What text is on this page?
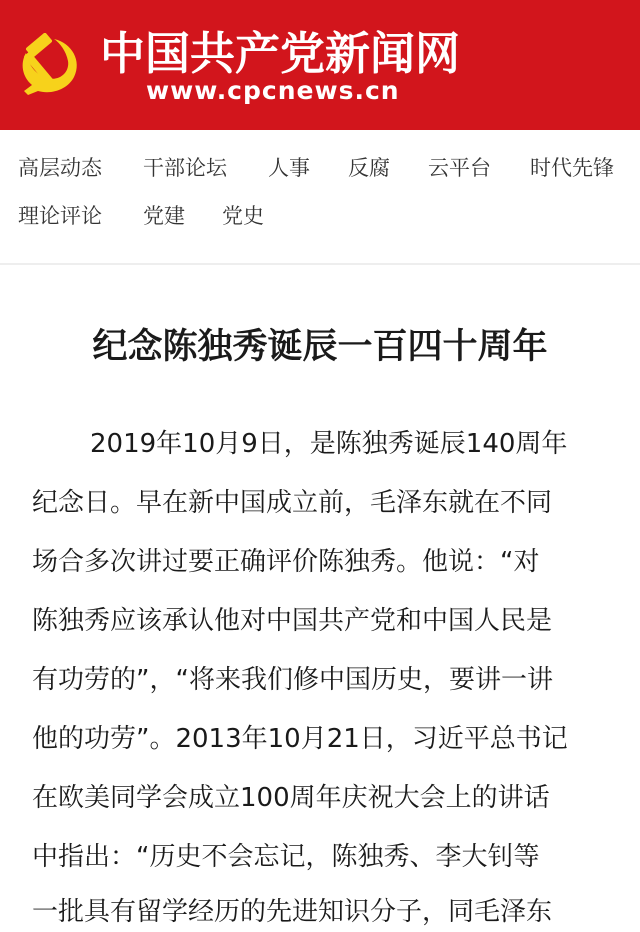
中国共产党新闻网
www.cpcnews.cn
高层动态 干部论坛 人事 反腐 云平台 时代先锋
理论评论 党建 党史
纪念陈独秀诞辰一百四十周年
2019年10月9日，是陈独秀诞辰140周年
纪念日。早在新中国成立前，毛泽东就在不同
场合多次讲过要正确评价陈独秀。他说：“对
陈独秀应该承认他对中国共产党和中国人民是
有功劳的”，“将来我们修中国历史，要讲一讲
他的功劳”。2013年10月21日，习近平总书记
在欧美同学会成立100周年庆祝大会上的讲话
中指出：“历史不会忘记，陈独秀、李大钊等
一批具有留学经历的先进知识分子，同毛泽东
